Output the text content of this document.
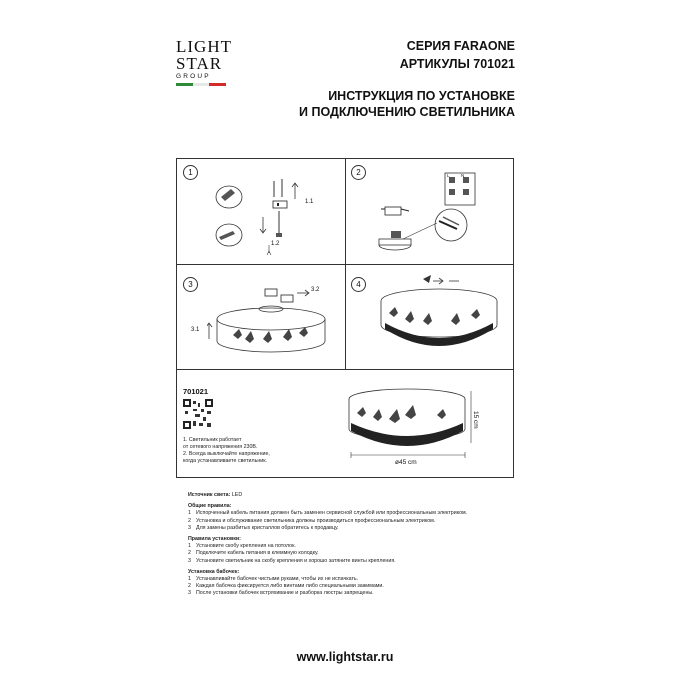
LIGHT
STAR
GROUP
СЕРИЯ FARAONE
АРТИКУЛЫ 701021
ИНСТРУКЦИЯ ПО УСТАНОВКЕ
И ПОДКЛЮЧЕНИЮ СВЕТИЛЬНИКА
1
1.1
1.2
2	L	N
3
3.2
3.1
4
701021
1. Светильник работает
от сетевого напряжения 230В.
2. Всегда выключайте напряжение,
когда устанавливаете светильник.	ø45 cm
15 cm
Источник света: LED
Общие правила:
1 Испорченный кабель питания должен быть заменен сервисной службой или профессиональным электриком.
2 Установка и обслуживание светильника должны производиться профессиональным электриком.
3 Для замены разбитых кристаллов обратитесь к продавцу.
Правила установки:
1 Установите скобу крепления на потолок.
2 Подключите кабель питания в клеммную колодку.
3 Установите светильник на скобу крепления и хорошо затяните винты крепления.
Установка бабочек:
1 Устанавливайте бабочек чистыми руками, чтобы их не испачкать.
2 Каждая бабочка фиксируется либо винтами либо специальными зажимами.
3 После установки бабочек встряхивание и разборка люстры запрещены.
www.lightstar.ru
